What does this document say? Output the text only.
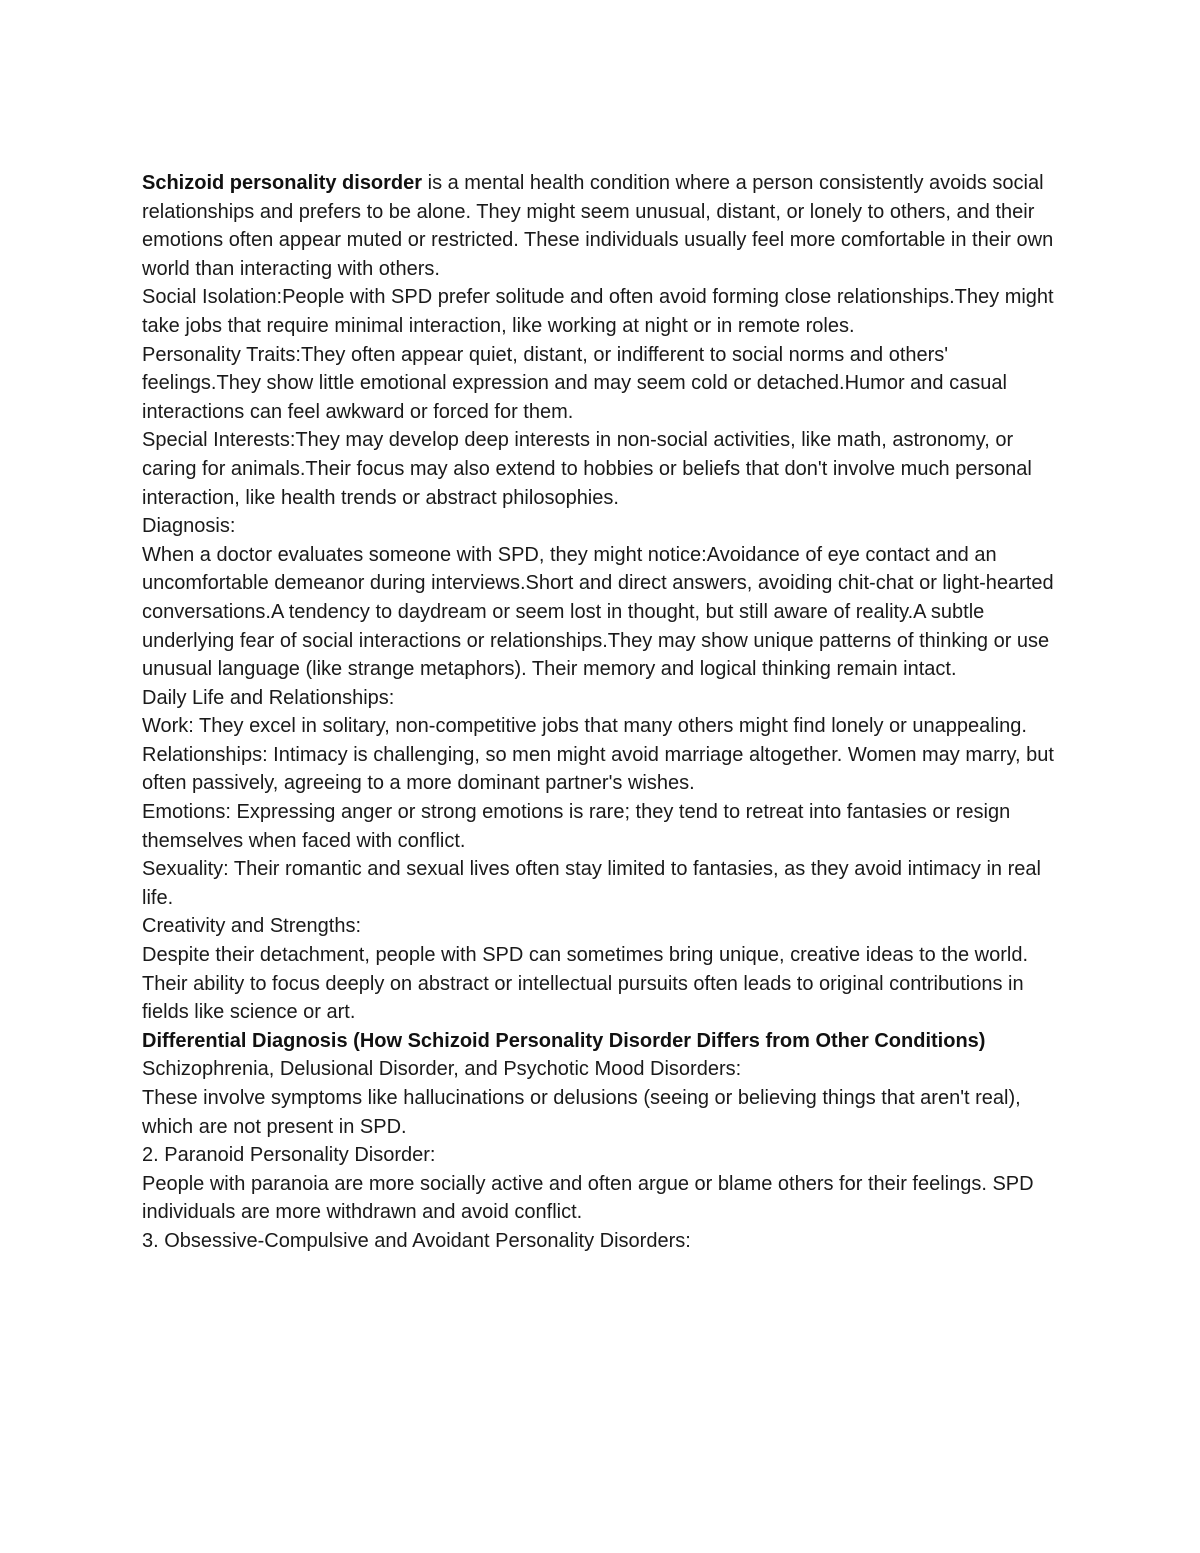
Schizoid personality disorder is a mental health condition where a person consistently avoids social relationships and prefers to be alone. They might seem unusual, distant, or lonely to others, and their emotions often appear muted or restricted. These individuals usually feel more comfortable in their own world than interacting with others.

Social Isolation:People with SPD prefer solitude and often avoid forming close relationships.They might take jobs that require minimal interaction, like working at night or in remote roles.

Personality Traits:They often appear quiet, distant, or indifferent to social norms and others' feelings.They show little emotional expression and may seem cold or detached.Humor and casual interactions can feel awkward or forced for them.

Special Interests:They may develop deep interests in non-social activities, like math, astronomy, or caring for animals.Their focus may also extend to hobbies or beliefs that don't involve much personal interaction, like health trends or abstract philosophies.

Diagnosis:

When a doctor evaluates someone with SPD, they might notice:Avoidance of eye contact and an uncomfortable demeanor during interviews.Short and direct answers, avoiding chit-chat or light-hearted conversations.A tendency to daydream or seem lost in thought, but still aware of reality.A subtle underlying fear of social interactions or relationships.They may show unique patterns of thinking or use unusual language (like strange metaphors). Their memory and logical thinking remain intact.

Daily Life and Relationships:

Work: They excel in solitary, non-competitive jobs that many others might find lonely or unappealing.

Relationships: Intimacy is challenging, so men might avoid marriage altogether. Women may marry, but often passively, agreeing to a more dominant partner's wishes.

Emotions: Expressing anger or strong emotions is rare; they tend to retreat into fantasies or resign themselves when faced with conflict.

Sexuality: Their romantic and sexual lives often stay limited to fantasies, as they avoid intimacy in real life.

Creativity and Strengths:

Despite their detachment, people with SPD can sometimes bring unique, creative ideas to the world. Their ability to focus deeply on abstract or intellectual pursuits often leads to original contributions in fields like science or art.

Differential Diagnosis (How Schizoid Personality Disorder Differs from Other Conditions)

Schizophrenia, Delusional Disorder, and Psychotic Mood Disorders:

These involve symptoms like hallucinations or delusions (seeing or believing things that aren't real), which are not present in SPD.

2. Paranoid Personality Disorder:

People with paranoia are more socially active and often argue or blame others for their feelings. SPD individuals are more withdrawn and avoid conflict.

3. Obsessive-Compulsive and Avoidant Personality Disorders:
